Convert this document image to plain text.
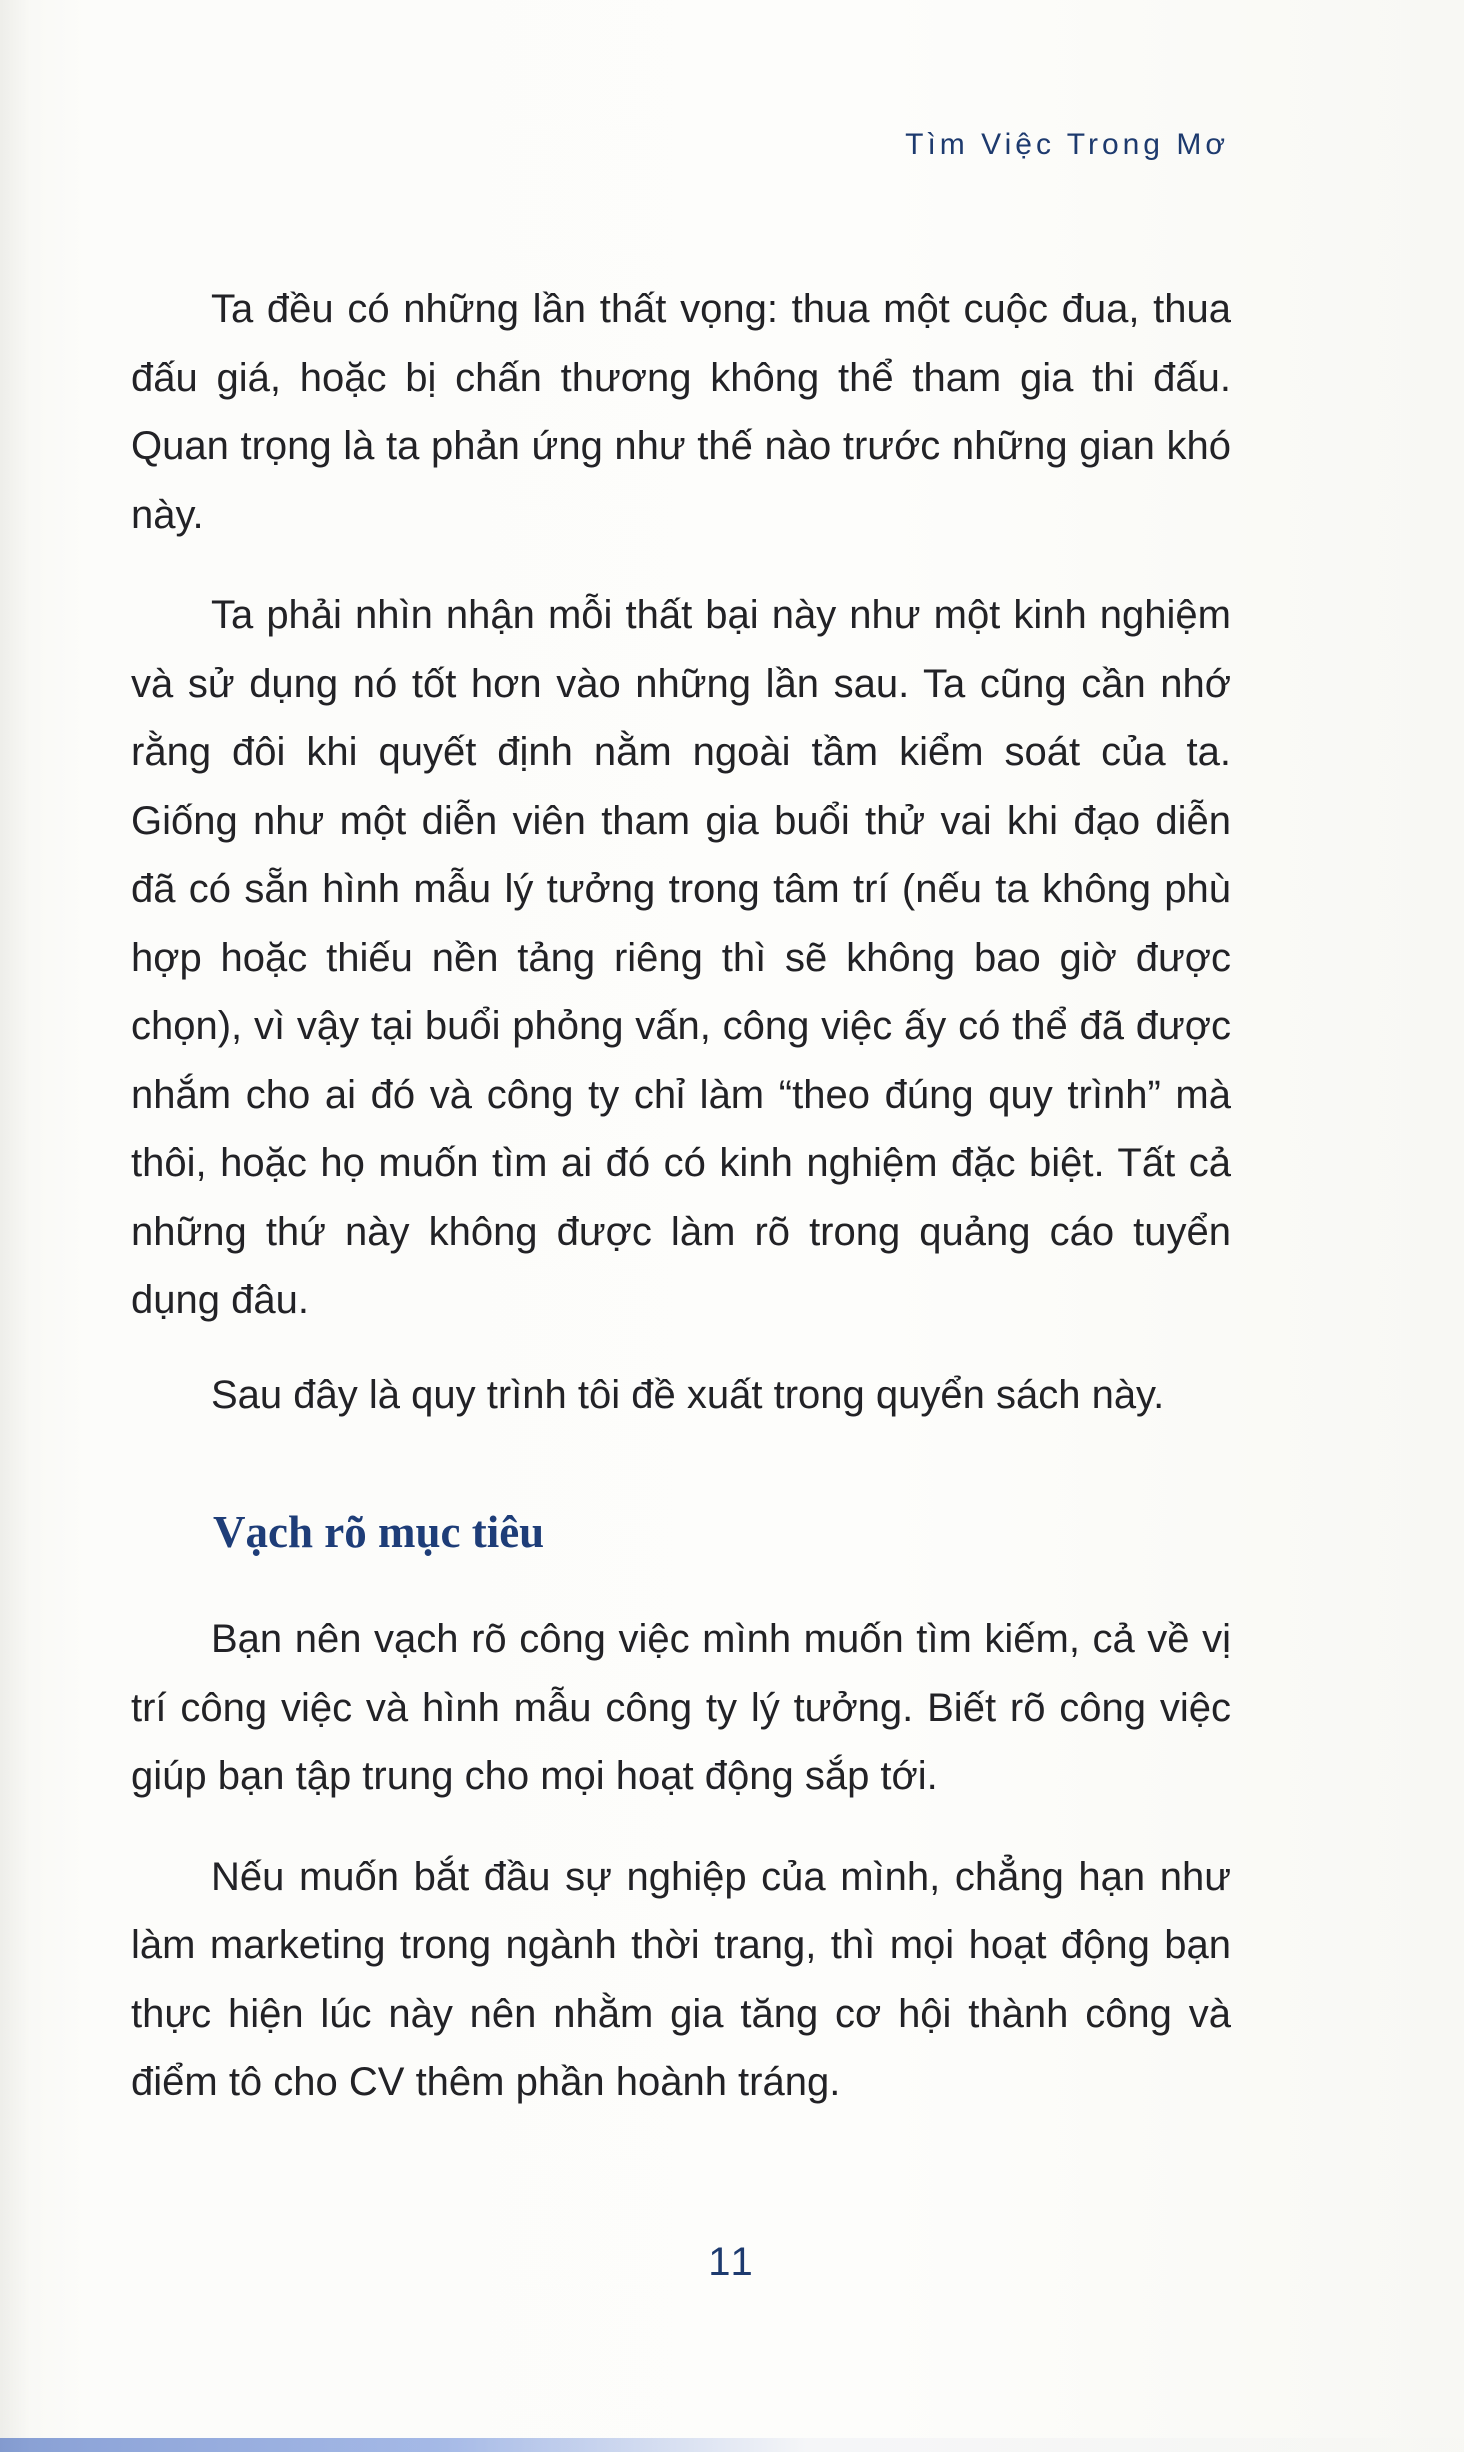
Tìm Việc Trong Mơ

Ta đều có những lần thất vọng: thua một cuộc đua, thua đấu giá, hoặc bị chấn thương không thể tham gia thi đấu. Quan trọng là ta phản ứng như thế nào trước những gian khó này.

Ta phải nhìn nhận mỗi thất bại này như một kinh nghiệm và sử dụng nó tốt hơn vào những lần sau. Ta cũng cần nhớ rằng đôi khi quyết định nằm ngoài tầm kiểm soát của ta. Giống như một diễn viên tham gia buổi thử vai khi đạo diễn đã có sẵn hình mẫu lý tưởng trong tâm trí (nếu ta không phù hợp hoặc thiếu nền tảng riêng thì sẽ không bao giờ được chọn), vì vậy tại buổi phỏng vấn, công việc ấy có thể đã được nhắm cho ai đó và công ty chỉ làm “theo đúng quy trình” mà thôi, hoặc họ muốn tìm ai đó có kinh nghiệm đặc biệt. Tất cả những thứ này không được làm rõ trong quảng cáo tuyển dụng đâu.

Sau đây là quy trình tôi đề xuất trong quyển sách này.

Vạch rõ mục tiêu

Bạn nên vạch rõ công việc mình muốn tìm kiếm, cả về vị trí công việc và hình mẫu công ty lý tưởng. Biết rõ công việc giúp bạn tập trung cho mọi hoạt động sắp tới.

Nếu muốn bắt đầu sự nghiệp của mình, chẳng hạn như làm marketing trong ngành thời trang, thì mọi hoạt động bạn thực hiện lúc này nên nhằm gia tăng cơ hội thành công và điểm tô cho CV thêm phần hoành tráng.

11
